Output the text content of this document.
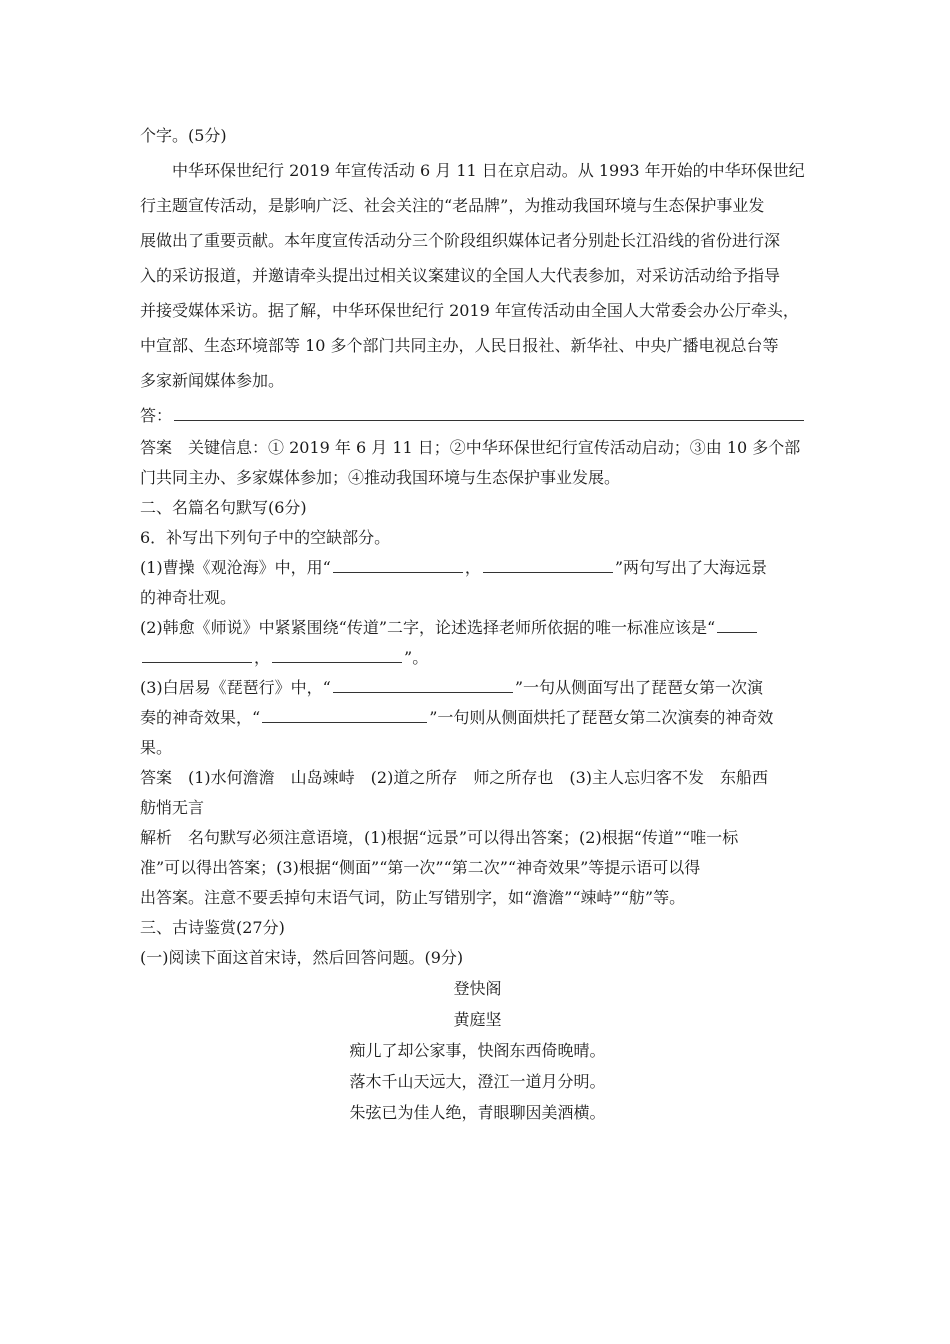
个字。(5分)
中华环保世纪行 2019 年宣传活动 6 月 11 日在京启动。从 1993 年开始的中华环保世纪
行主题宣传活动，是影响广泛、社会关注的“老品牌”，为推动我国环境与生态保护事业发
展做出了重要贡献。本年度宣传活动分三个阶段组织媒体记者分别赴长江沿线的省份进行深
入的采访报道，并邀请牵头提出过相关议案建议的全国人大代表参加，对采访活动给予指导
并接受媒体采访。据了解，中华环保世纪行 2019 年宣传活动由全国人大常委会办公厅牵头，
中宣部、生态环境部等 10 多个部门共同主办，人民日报社、新华社、中央广播电视总台等
多家新闻媒体参加。
答：
答案　关键信息：① 2019 年 6 月 11 日；②中华环保世纪行宣传活动启动；③由 10 多个部
门共同主办、多家媒体参加；④推动我国环境与生态保护事业发展。
二、名篇名句默写(6分)
6．补写出下列句子中的空缺部分。
(1)曹操《观沧海》中，用“	，	”两句写出了大海远景
的神奇壮观。
(2)韩愈《师说》中紧紧围绕“传道”二字，论述选择老师所依据的唯一标准应该是“
，	”。
(3)白居易《琵琶行》中，“	”一句从侧面写出了琵琶女第一次演
奏的神奇效果，“	”一句则从侧面烘托了琵琶女第二次演奏的神奇效
果。
答案　(1)水何澹澹　山岛竦峙　(2)道之所存　师之所存也　(3)主人忘归客不发　东船西
舫悄无言
解析　名句默写必须注意语境，(1)根据“远景”可以得出答案；(2)根据“传道”“唯一标
准”可以得出答案；(3)根据“侧面”“第一次”“第二次”“神奇效果”等提示语可以得
出答案。注意不要丢掉句末语气词，防止写错别字，如“澹澹”“竦峙”“舫”等。
三、古诗鉴赏(27分)
(一)阅读下面这首宋诗，然后回答问题。(9分)
登快阁
黄庭坚
痴儿了却公家事，快阁东西倚晚晴。
落木千山天远大，澄江一道月分明。
朱弦已为佳人绝，青眼聊因美酒横。
